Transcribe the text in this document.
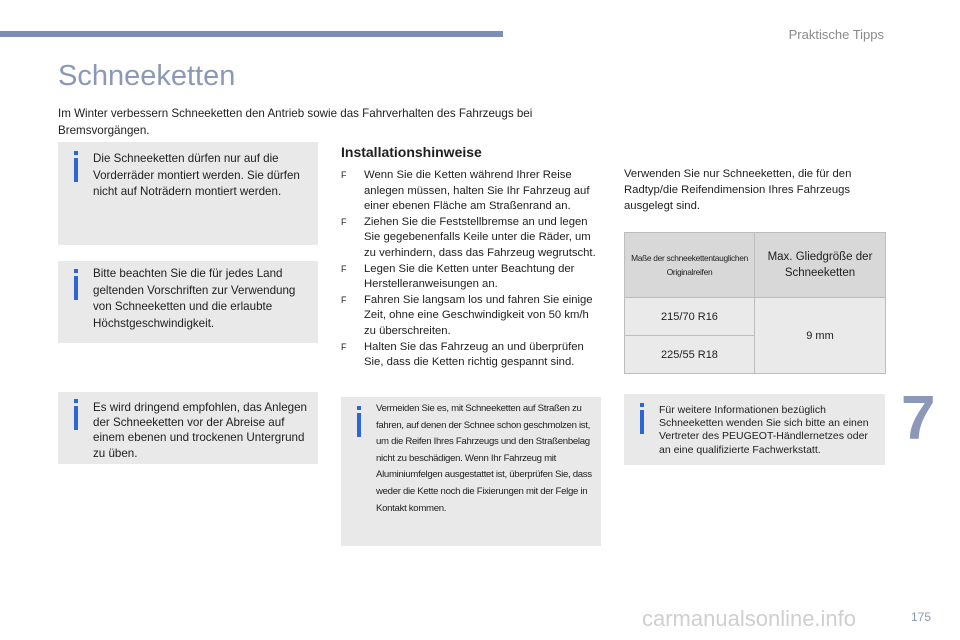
Praktische Tipps
Schneeketten
Im Winter verbessern Schneeketten den Antrieb sowie das Fahrverhalten des Fahrzeugs bei Bremsvorgängen.

Die Schneeketten dürfen nur auf die Vorderräder montiert werden. Sie dürfen nicht auf Noträdern montiert werden.

Bitte beachten Sie die für jedes Land geltenden Vorschriften zur Verwendung von Schneeketten und die erlaubte Höchstgeschwindigkeit.

Es wird dringend empfohlen, das Anlegen der Schneeketten vor der Abreise auf einem ebenen und trockenen Untergrund zu üben.

Installationshinweise
F Wenn Sie die Ketten während Ihrer Reise anlegen müssen, halten Sie Ihr Fahrzeug auf einer ebenen Fläche am Straßenrand an.
F Ziehen Sie die Feststellbremse an und legen Sie gegebenenfalls Keile unter die Räder, um zu verhindern, dass das Fahrzeug wegrutscht.
F Legen Sie die Ketten unter Beachtung der Herstelleranweisungen an.
F Fahren Sie langsam los und fahren Sie einige Zeit, ohne eine Geschwindigkeit von 50 km/h zu überschreiten.
F Halten Sie das Fahrzeug an und überprüfen Sie, dass die Ketten richtig gespannt sind.

Vermeiden Sie es, mit Schneeketten auf Straßen zu fahren, auf denen der Schnee schon geschmolzen ist, um die Reifen Ihres Fahrzeugs und den Straßenbelag nicht zu beschädigen. Wenn Ihr Fahrzeug mit Aluminiumfelgen ausgestattet ist, überprüfen Sie, dass weder die Kette noch die Fixierungen mit der Felge in Kontakt kommen.

Verwenden Sie nur Schneeketten, die für den Radtyp/die Reifendimension Ihres Fahrzeugs ausgelegt sind.
Maße der schneekettentauglichen Originalreifen	Max. Gliedgröße der Schneeketten
215/70 R16	9 mm
225/55 R18	

Für weitere Informationen bezüglich Schneeketten wenden Sie sich bitte an einen Vertreter des PEUGEOT-Händlernetzes oder an eine qualifizierte Fachwerkstatt.	7
carmanualsonline.info	175
